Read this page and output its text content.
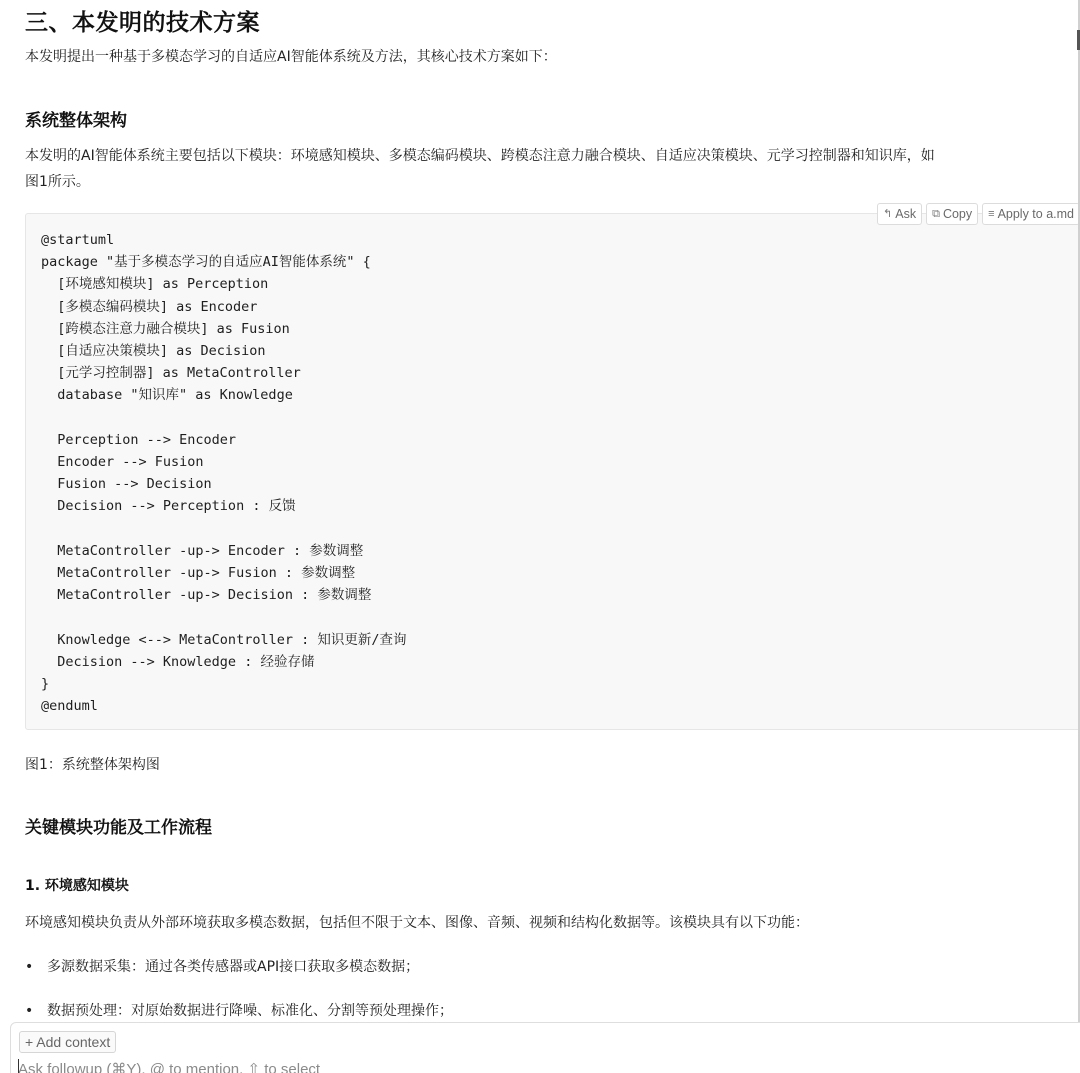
三、本发明的技术方案
本发明提出一种基于多模态学习的自适应AI智能体系统及方法，其核心技术方案如下：
系统整体架构
本发明的AI智能体系统主要包括以下模块：环境感知模块、多模态编码模块、跨模态注意力融合模块、自适应决策模块、元学习控制器和知识库，如
图1所示。
↰ Ask ⧉ Copy ≡ Apply to a.md
@startuml
package "基于多模态学习的自适应AI智能体系统" {
[环境感知模块] as Perception
[多模态编码模块] as Encoder
[跨模态注意力融合模块] as Fusion
[自适应决策模块] as Decision
[元学习控制器] as MetaController
database "知识库" as Knowledge

Perception --> Encoder
Encoder --> Fusion
Fusion --> Decision
Decision --> Perception : 反馈

MetaController -up-> Encoder : 参数调整
MetaController -up-> Fusion : 参数调整
MetaController -up-> Decision : 参数调整

Knowledge <--> MetaController : 知识更新/查询
Decision --> Knowledge : 经验存储
}
@enduml
图1：系统整体架构图
关键模块功能及工作流程
1. 环境感知模块
环境感知模块负责从外部环境获取多模态数据，包括但不限于文本、图像、音频、视频和结构化数据等。该模块具有以下功能：
• 多源数据采集：通过各类传感器或API接口获取多模态数据；
• 数据预处理：对原始数据进行降噪、标准化、分割等预处理操作；
+ Add context
Ask followup (⌘Y), @ to mention, ⇧ to select
